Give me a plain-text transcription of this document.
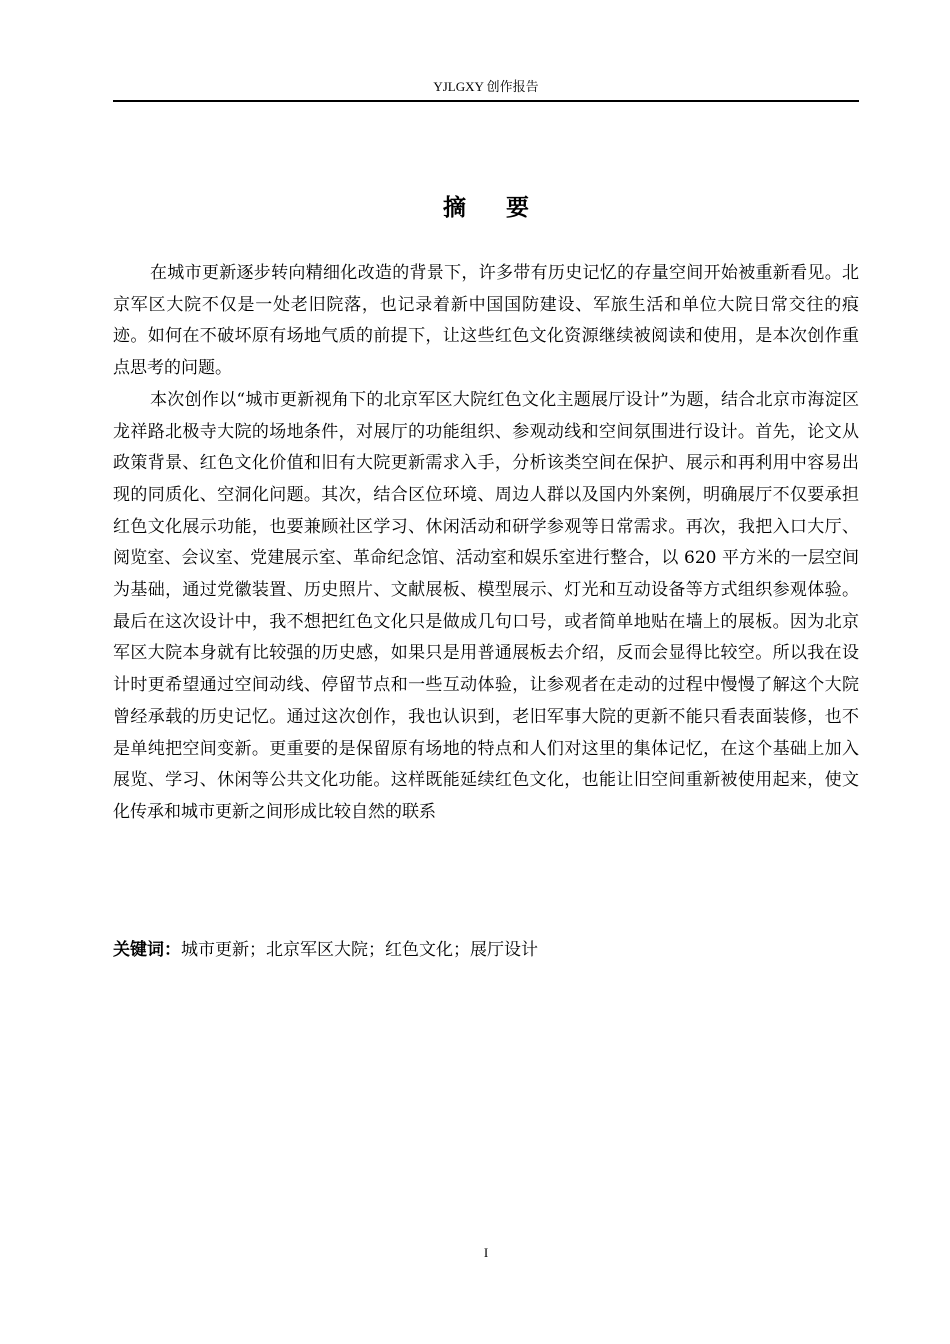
YJLGXY 创作报告
摘 要

在城市更新逐步转向精细化改造的背景下，许多带有历史记忆的存量空间开始被重新看见。北京军区大院不仅是一处老旧院落，也记录着新中国国防建设、军旅生活和单位大院日常交往的痕迹。如何在不破坏原有场地气质的前提下，让这些红色文化资源继续被阅读和使用，是本次创作重点思考的问题。

本次创作以“城市更新视角下的北京军区大院红色文化主题展厅设计”为题，结合北京市海淀区龙祥路北极寺大院的场地条件，对展厅的功能组织、参观动线和空间氛围进行设计。首先，论文从政策背景、红色文化价值和旧有大院更新需求入手，分析该类空间在保护、展示和再利用中容易出现的同质化、空洞化问题。其次，结合区位环境、周边人群以及国内外案例，明确展厅不仅要承担红色文化展示功能，也要兼顾社区学习、休闲活动和研学参观等日常需求。再次，我把入口大厅、阅览室、会议室、党建展示室、革命纪念馆、活动室和娱乐室进行整合，以 620 平方米的一层空间为基础，通过党徽装置、历史照片、文献展板、模型展示、灯光和互动设备等方式组织参观体验。最后在这次设计中，我不想把红色文化只是做成几句口号，或者简单地贴在墙上的展板。因为北京军区大院本身就有比较强的历史感，如果只是用普通展板去介绍，反而会显得比较空。所以我在设计时更希望通过空间动线、停留节点和一些互动体验，让参观者在走动的过程中慢慢了解这个大院曾经承载的历史记忆。通过这次创作，我也认识到，老旧军事大院的更新不能只看表面装修，也不是单纯把空间变新。更重要的是保留原有场地的特点和人们对这里的集体记忆，在这个基础上加入展览、学习、休闲等公共文化功能。这样既能延续红色文化，也能让旧空间重新被使用起来，使文化传承和城市更新之间形成比较自然的联系

关键词：城市更新；北京军区大院；红色文化；展厅设计
I
